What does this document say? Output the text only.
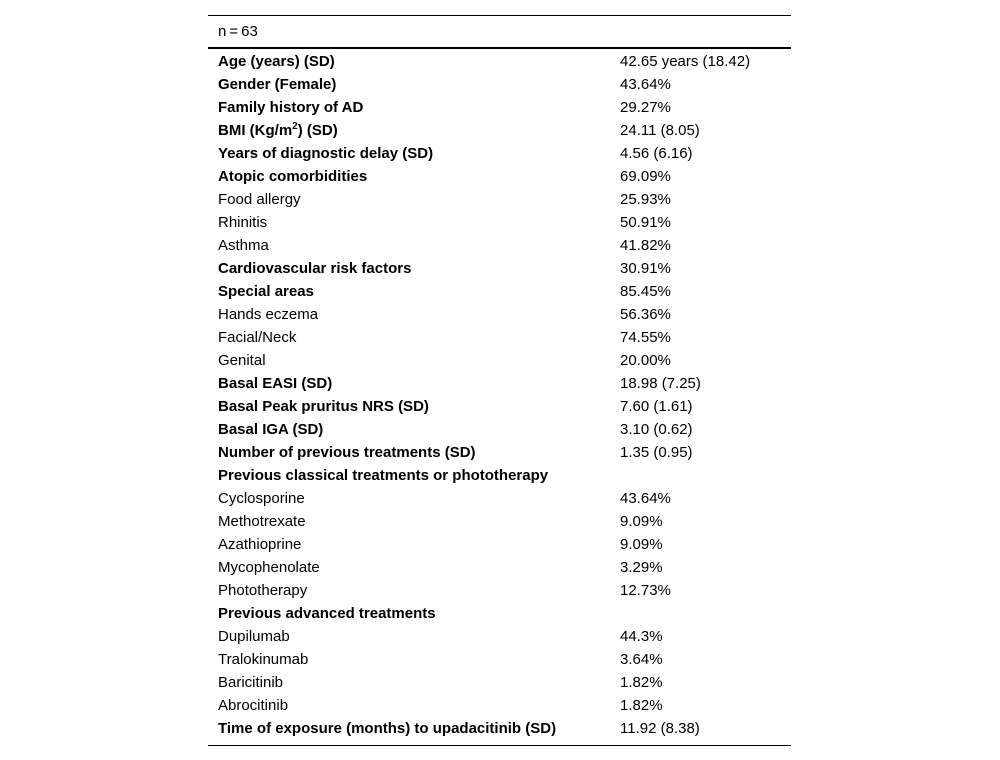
n = 63
Age (years) (SD)	42.65 years (18.42)
Gender (Female)	43.64%
Family history of AD	29.27%
BMI $(Kg/m^2)$ (SD)	24.11 (8.05)
Years of diagnostic delay (SD)	4.56 (6.16)
Atopic comorbidities	69.09%
Food allergy	25.93%
Rhinitis	50.91%
Asthma	41.82%
Cardiovascular risk factors	30.91%
Special areas	85.45%
Hands eczema	56.36%
Facial/Neck	74.55%
Genital	20.00%
Basal EASI (SD)	18.98 (7.25)
Basal Peak pruritus NRS (SD)	7.60 (1.61)
Basal IGA (SD)	3.10 (0.62)
Number of previous treatments (SD)	1.35 (0.95)
Previous classical treatments or phototherapy	
Cyclosporine	43.64%
Methotrexate	9.09%
Azathioprine	9.09%
Mycophenolate	3.29%
Phototherapy	12.73%
Previous advanced treatments	
Dupilumab	44.3%
Tralokinumab	3.64%
Baricitinib	1.82%
Abrocitinib	1.82%
Time of exposure (months) to upadacitinib (SD)	11.92 (8.38)
